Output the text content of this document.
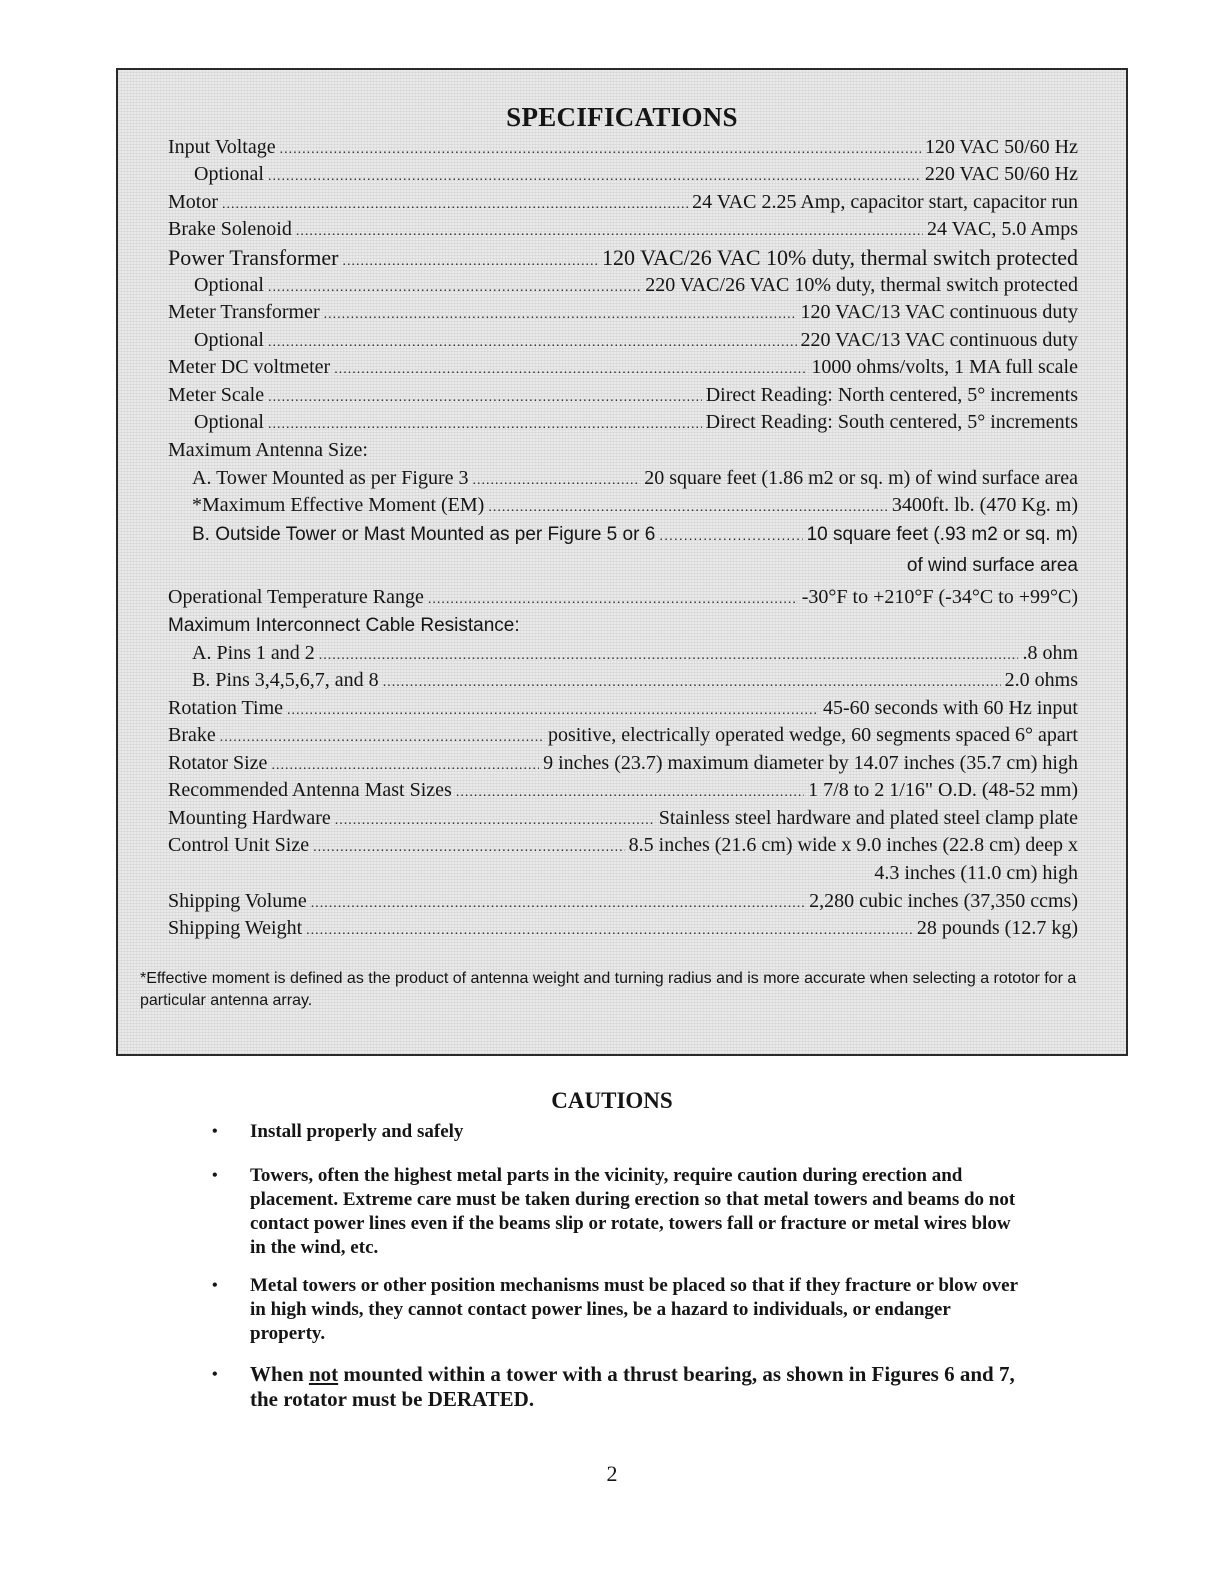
SPECIFICATIONS
Input Voltage .....	120 VAC 50/60 Hz
Optional .....	220 VAC 50/60 Hz
Motor .....	24 VAC 2.25 Amp, capacitor start, capacitor run
Brake Solenoid .....	24 VAC, 5.0 Amps
Power Transformer .....	120 VAC/26 VAC 10% duty, thermal switch protected
Optional .....	220 VAC/26 VAC 10% duty, thermal switch protected
Meter Transformer .....	120 VAC/13 VAC continuous duty
Optional .....	220 VAC/13 VAC continuous duty
Meter DC voltmeter .....	1000 ohms/volts, 1 MA full scale
Meter Scale .....	Direct Reading: North centered, 5° increments
Optional .....	Direct Reading: South centered, 5° increments
Maximum Antenna Size:
A. Tower Mounted as per Figure 3 .....	20 square feet (1.86 m2 or sq. m) of wind surface area
*Maximum Effective Moment (EM) .....	3400ft. lb. (470 Kg. m)
B. Outside Tower or Mast Mounted as per Figure 5 or 6 .....	10 square feet (.93 m2 or sq. m)
of wind surface area
Operational Temperature Range .....	-30°F to +210°F (-34°C to +99°C)
Maximum Interconnect Cable Resistance:
A. Pins 1 and 2 .....	.8 ohm
B. Pins 3,4,5,6,7, and 8 .....	2.0 ohms
Rotation Time .....	45-60 seconds with 60 Hz input
Brake .....	positive, electrically operated wedge, 60 segments spaced 6° apart
Rotator Size .....	9 inches (23.7) maximum diameter by 14.07 inches (35.7 cm) high
Recommended Antenna Mast Sizes .....	1 7/8 to 2 1/16" O.D. (48-52 mm)
Mounting Hardware .....	Stainless steel hardware and plated steel clamp plate
Control Unit Size .....	8.5 inches (21.6 cm) wide x 9.0 inches (22.8 cm) deep x
4.3 inches (11.0 cm) high
Shipping Volume .....	2,280 cubic inches (37,350 ccms)
Shipping Weight .....	28 pounds (12.7 kg)

*Effective moment is defined as the product of antenna weight and turning radius and is more accurate when selecting a rototor for a particular antenna array.

CAUTIONS
• Install properly and safely
• Towers, often the highest metal parts in the vicinity, require caution during erection and placement. Extreme care must be taken during erection so that metal towers and beams do not contact power lines even if the beams slip or rotate, towers fall or fracture or metal wires blow in the wind, etc.
• Metal towers or other position mechanisms must be placed so that if they fracture or blow over in high winds, they cannot contact power lines, be a hazard to individuals, or endanger property.
• When not mounted within a tower with a thrust bearing, as shown in Figures 6 and 7, the rotator must be DERATED.
2
